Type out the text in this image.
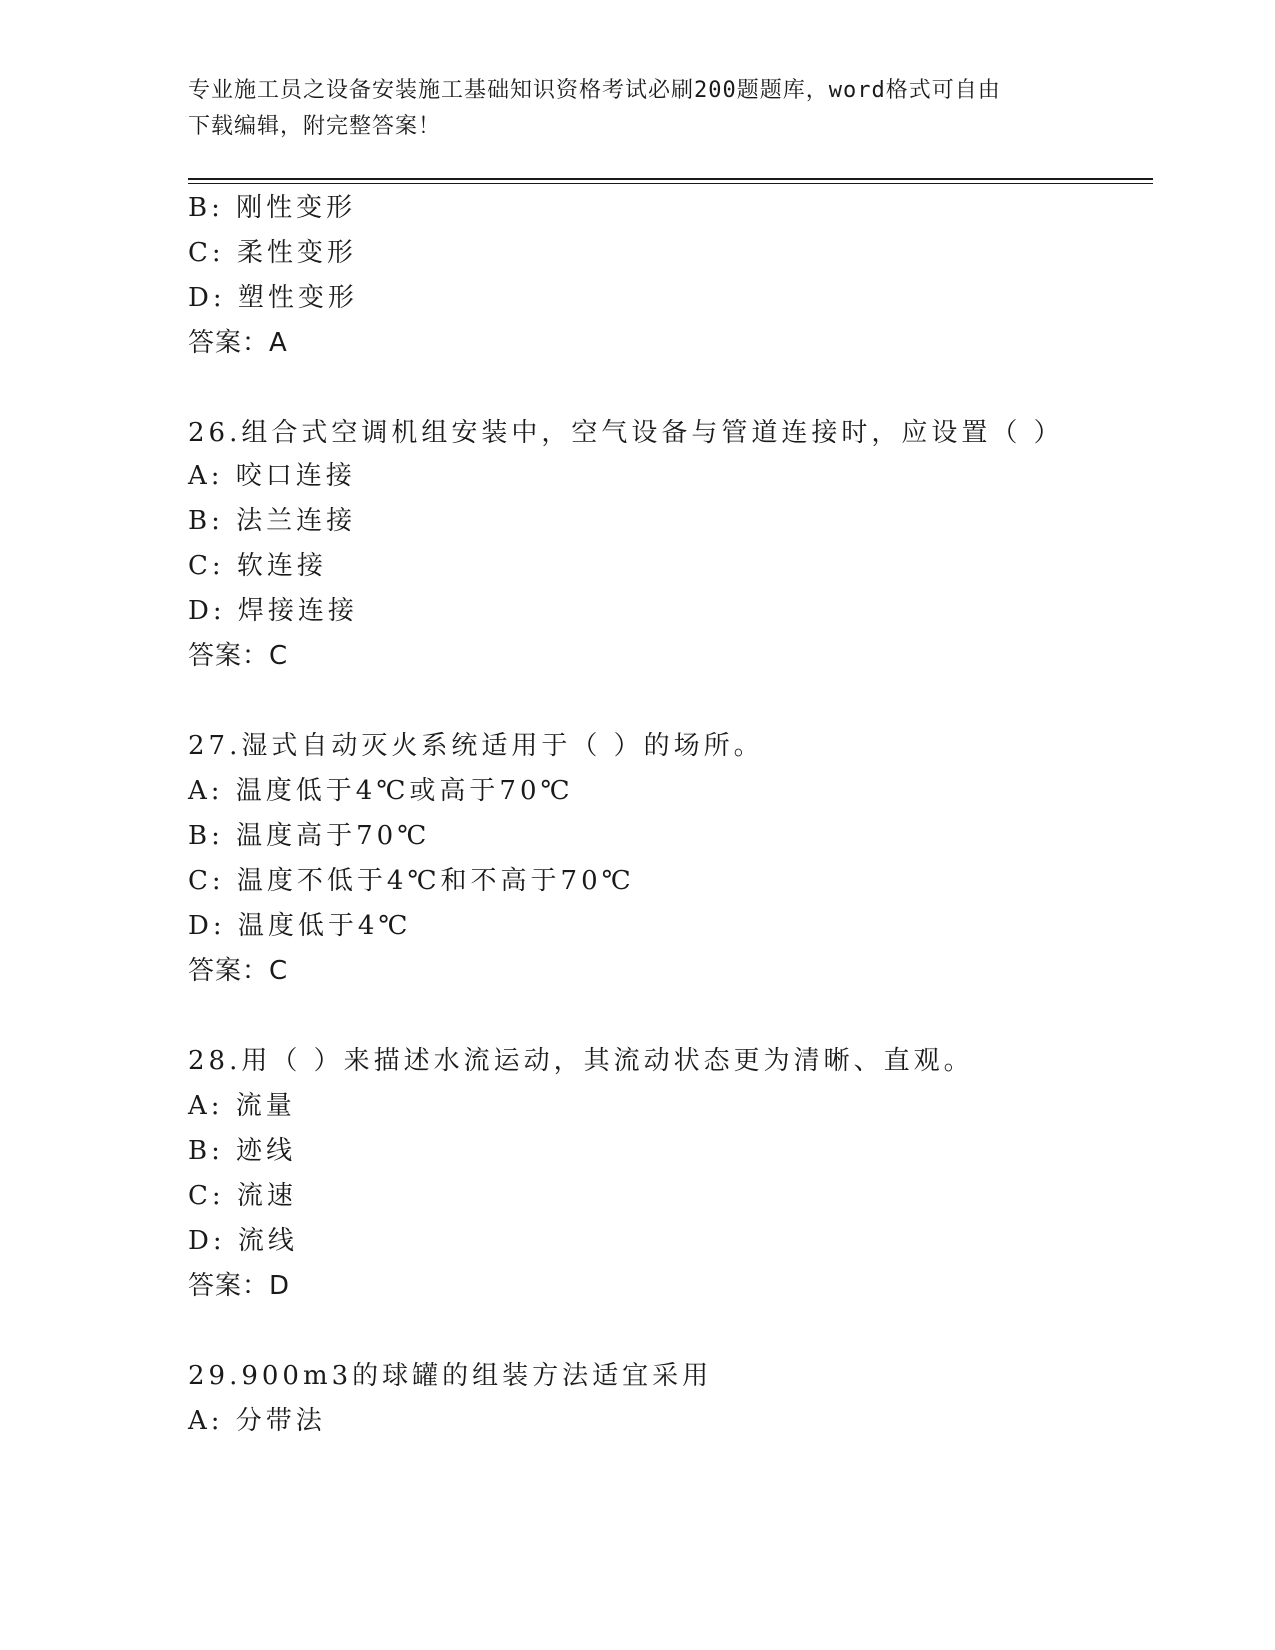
专业施工员之设备安装施工基础知识资格考试必刷200题题库，word格式可自由
下载编辑，附完整答案！
B: 刚性变形
C: 柔性变形
D: 塑性变形
答案：A
26.组合式空调机组安装中，空气设备与管道连接时，应设置（ ）
A: 咬口连接
B: 法兰连接
C: 软连接
D: 焊接连接
答案：C
27.湿式自动灭火系统适用于（ ）的场所。
A: 温度低于4℃或高于70℃
B: 温度高于70℃
C: 温度不低于4℃和不高于70℃
D: 温度低于4℃
答案：C
28.用（ ）来描述水流运动，其流动状态更为清晰、直观。
A: 流量
B: 迹线
C: 流速
D: 流线
答案：D
29.900m3的球罐的组装方法适宜采用
A: 分带法
